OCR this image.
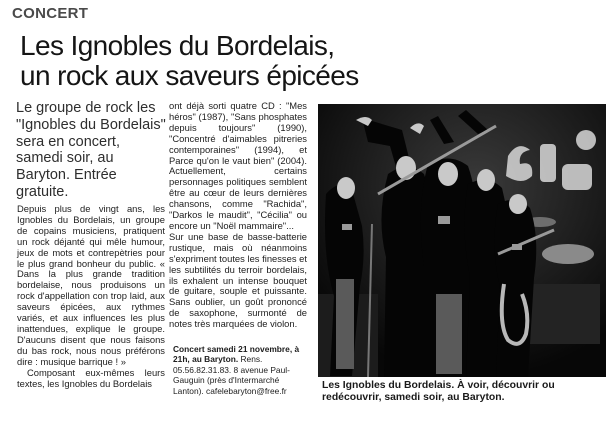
CONCERT
Les Ignobles du Bordelais,
un rock aux saveurs épicées
Le groupe de rock les "Ignobles du Bordelais" sera en concert, samedi soir, au Baryton. Entrée gratuite.

Depuis plus de vingt ans, les Ignobles du Bordelais, un groupe de copains musiciens, pratiquent un rock déjanté qui mêle humour, jeux de mots et contrepètries pour le plus grand bonheur du public. « Dans la plus grande tradition bordelaise, nous produisons un rock d'appellation con trop laid, aux saveurs épicées, aux rythmes variés, et aux influences les plus inattendues, explique le groupe. D'aucuns disent que nous faisons du bas rock, nous nous préférons dire : musique barrique ! »

Composant eux-mêmes leurs textes, les Ignobles du Bordelais

ont déjà sorti quatre CD : "Mes héros" (1987), "Sans phosphates depuis toujours" (1990), "Concentré d'aimables pitreries contemporaines" (1994), et Parce qu'on le vaut bien" (2004). Actuellement, certains personnages politiques semblent être au cœur de leurs dernières chansons, comme "Rachida", "Darkos le maudit", "Cécilia" ou encore un "Noël mammaire"...

Sur une base de basse-batterie rustique, mais où néanmoins s'expriment toutes les finesses et les subtilités du terroir bordelais, ils exhalent un intense bouquet de guitare, souple et puissante. Sans oublier, un goût prononcé de saxophone, surmonté de notes très marquées de violon.

Concert samedi 21 novembre, à 21h, au Baryton. Rens. 05.56.82.31.83. 8 avenue Paul-Gauguin (près d'Intermarché Lanton). cafelebaryton@free.fr	Les Ignobles du Bordelais. À voir, découvrir ou redécouvrir, samedi soir, au Baryton.
